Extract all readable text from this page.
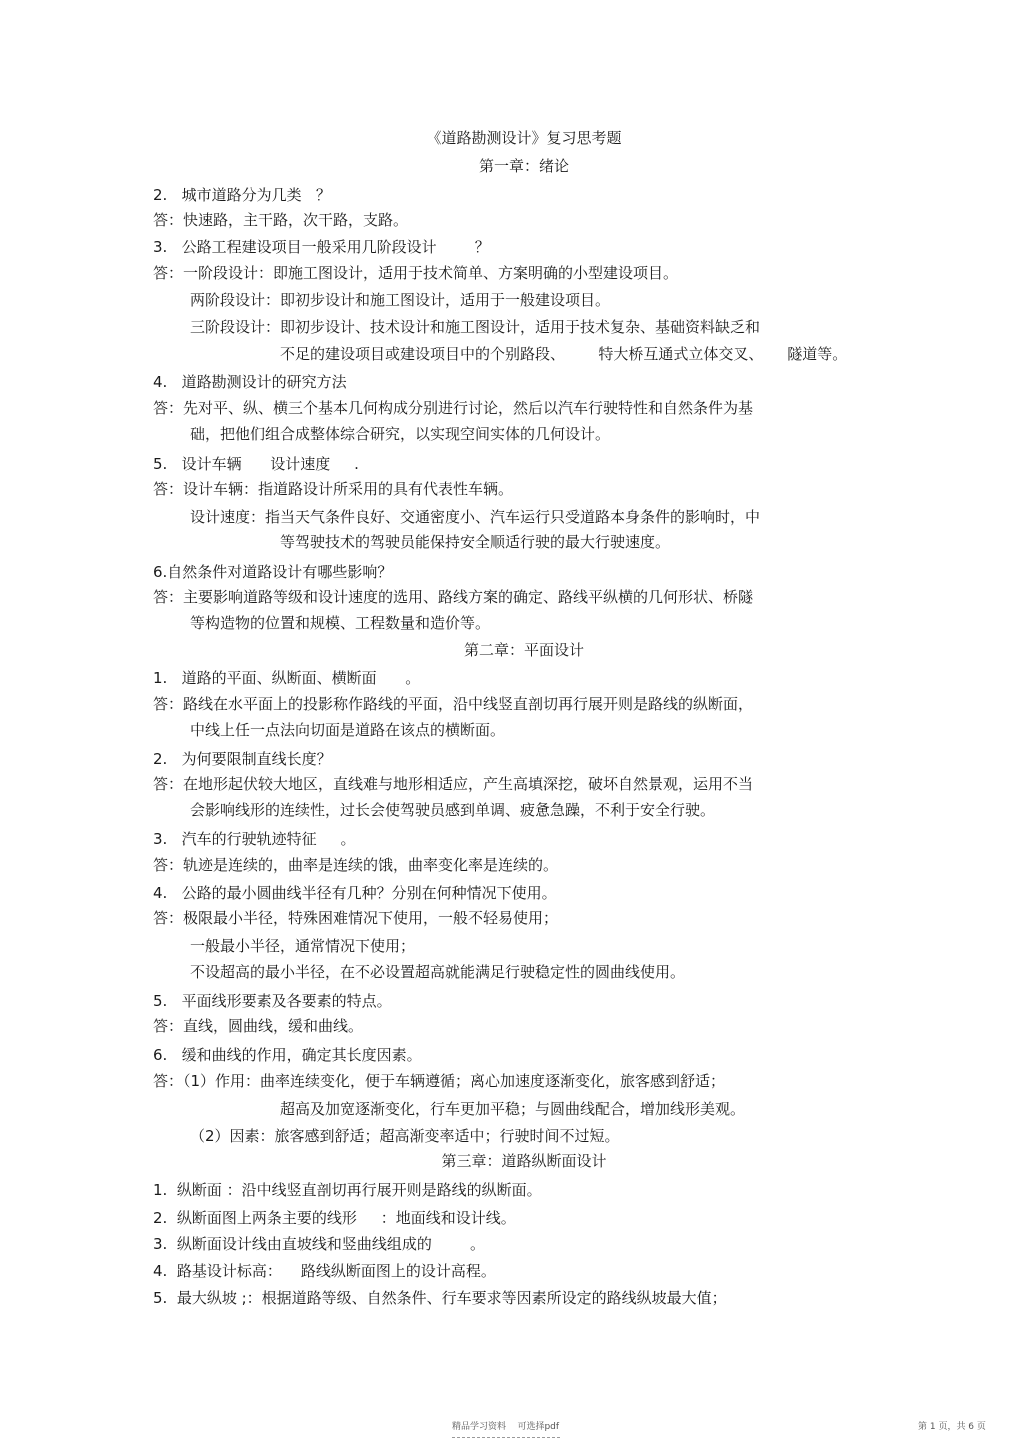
《道路勘测设计》复习思考题
第一章：绪论
2.   城市道路分为几类   ？
答：快速路，主干路，次干路，支路。
3.   公路工程建设项目一般采用几阶段设计        ？
答：一阶段设计：即施工图设计，适用于技术简单、方案明确的小型建设项目。
两阶段设计：即初步设计和施工图设计，适用于一般建设项目。
三阶段设计：即初步设计、技术设计和施工图设计，适用于技术复杂、基础资料缺乏和
不足的建设项目或建设项目中的个别路段、       特大桥互通式立体交叉、     隧道等。
4.   道路勘测设计的研究方法
答：先对平、纵、横三个基本几何构成分别进行讨论，然后以汽车行驶特性和自然条件为基
础，把他们组合成整体综合研究，以实现空间实体的几何设计。
5.   设计车辆      设计速度     .
答：设计车辆：指道路设计所采用的具有代表性车辆。
设计速度：指当天气条件良好、交通密度小、汽车运行只受道路本身条件的影响时，中
等驾驶技术的驾驶员能保持安全顺适行驶的最大行驶速度。
6.自然条件对道路设计有哪些影响？
答：主要影响道路等级和设计速度的选用、路线方案的确定、路线平纵横的几何形状、桥隧
等构造物的位置和规模、工程数量和造价等。
第二章：平面设计
1.   道路的平面、纵断面、横断面      。
答：路线在水平面上的投影称作路线的平面，沿中线竖直剖切再行展开则是路线的纵断面，
中线上任一点法向切面是道路在该点的横断面。
2.   为何要限制直线长度？
答：在地形起伏较大地区，直线难与地形相适应，产生高填深挖，破坏自然景观，运用不当
会影响线形的连续性，过长会使驾驶员感到单调、疲惫急躁，不利于安全行驶。
3.   汽车的行驶轨迹特征     。
答：轨迹是连续的，曲率是连续的饿，曲率变化率是连续的。
4.   公路的最小圆曲线半径有几种？分别在何种情况下使用。
答：极限最小半径，特殊困难情况下使用，一般不轻易使用；
一般最小半径，通常情况下使用；
不设超高的最小半径，在不必设置超高就能满足行驶稳定性的圆曲线使用。
5.   平面线形要素及各要素的特点。
答：直线，圆曲线，缓和曲线。
6.   缓和曲线的作用，确定其长度因素。
答：（1）作用：曲率连续变化，便于车辆遵循；离心加速度逐渐变化，旅客感到舒适；
超高及加宽逐渐变化，行车更加平稳；与圆曲线配合，增加线形美观。
（2）因素：旅客感到舒适；超高渐变率适中；行驶时间不过短。
第三章：道路纵断面设计
1.  纵断面 ：沿中线竖直剖切再行展开则是路线的纵断面。
2.  纵断面图上两条主要的线形     ：地面线和设计线。
3.  纵断面设计线由直坡线和竖曲线组成的        。
4.  路基设计标高：    路线纵断面图上的设计高程。
5.  最大纵坡 ;：根据道路等级、自然条件、行车要求等因素所设定的路线纵坡最大值；
精品学习资料    可选择pdf	第 1 页，共 6 页
